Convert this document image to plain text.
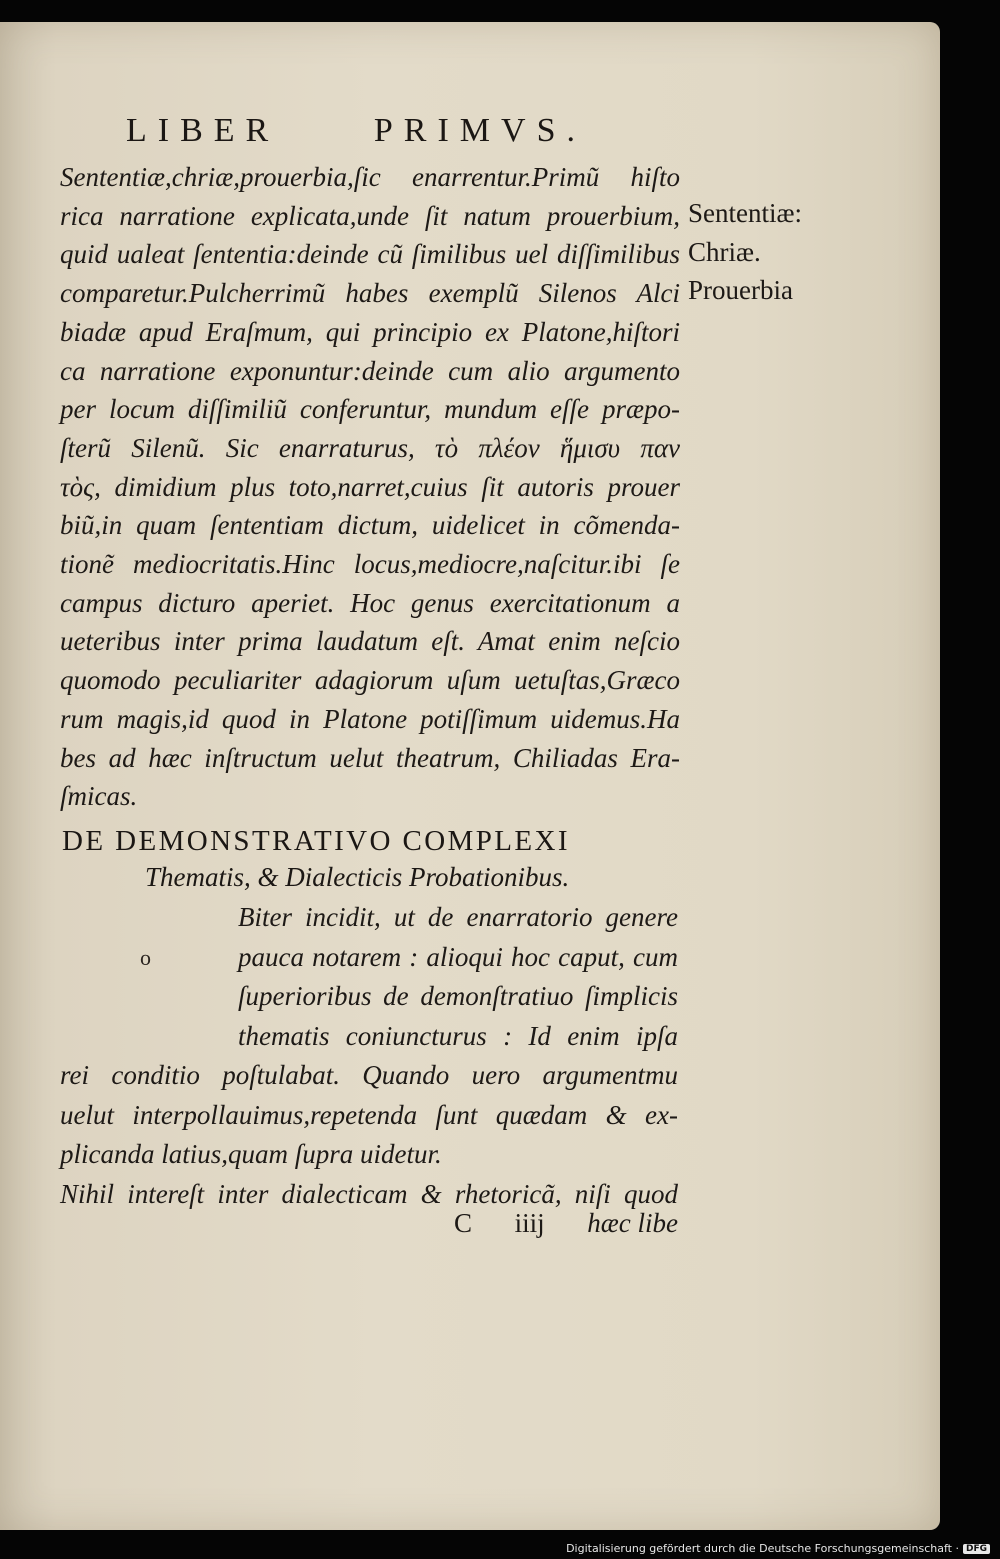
LIBER	PRIMVS.
Sententiæ,chriæ,prouerbia,ſic enarrentur.Primũ hiſto
rica narratione explicata,unde ſit natum prouerbium,
quid ualeat ſententia:deinde cũ ſimilibus uel diſſimilibus
comparetur.Pulcherrimũ habes exemplũ Silenos Alci
biadæ apud Eraſmum, qui principio ex Platone,hiſtori
ca narratione exponuntur:deinde cum alio argumento
per locum diſſimiliũ conferuntur, mundum eſſe præpo-
ſterũ Silenũ. Sic enarraturus, τὸ πλέον ἥμισυ παν
τὸς, dimidium plus toto,narret,cuius ſit autoris prouer
biũ,in quam ſententiam dictum, uidelicet in cõmenda-
tionẽ mediocritatis.Hinc locus,mediocre,naſcitur.ibi ſe
campus dicturo aperiet. Hoc genus exercitationum a
ueteribus inter prima laudatum eſt. Amat enim neſcio
quomodo peculiariter adagiorum uſum uetuſtas,Græco
rum magis,id quod in Platone potiſſimum uidemus.Ha
bes ad hæc inſtructum uelut theatrum, Chiliadas Era-
ſmicas.
Sententiæ:
Chriæ.
Prouerbia
DE DEMONSTRATIVO COMPLEXI
Thematis, & Dialecticis Probationibus.
o
Biter incidit, ut de enarratorio genere
pauca notarem : alioqui hoc caput, cum
ſuperioribus de demonſtratiuo ſimplicis
thematis coniuncturus : Id enim ipſa
rei conditio poſtulabat. Quando uero argumentmu
uelut interpollauimus,repetenda ſunt quædam & ex-
plicanda latius,quam ſupra uidetur.
Nihil intereſt inter dialecticam & rhetoricã, niſi quod
C iiij hæc libe
Digitalisierung gefördert durch die Deutsche Forschungsgemeinschaft · DFG
